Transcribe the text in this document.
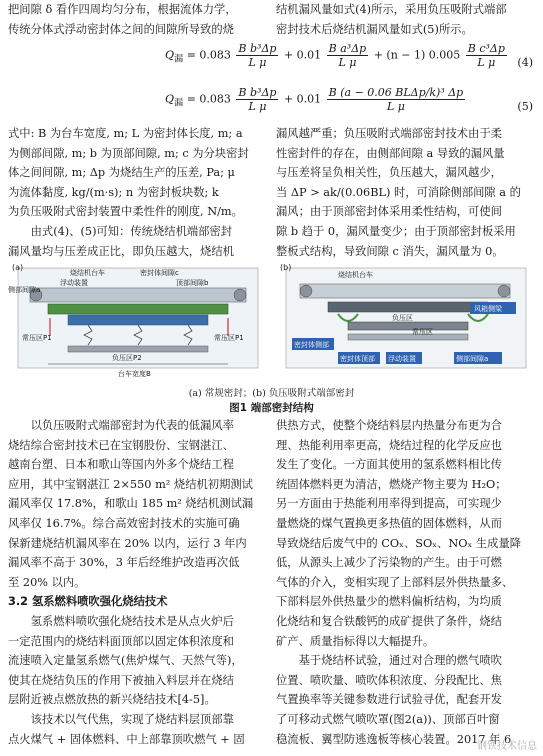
把间隙 δ 看作四周均匀分布，根据流体力学，

传统分体式浮动密封体之间的间隙所导致的烧

结机漏风量如式(4)所示，采用负压吸附式端部

密封技术后烧结机漏风量如式(5)所示。

$Q_漏 = 0.083 \frac{\text{B b³Δp}}{\text{L μ}} + 0.01 \frac{\text{B a³Δp}}{\text{L μ}} + (n - 1)$ $0.005 \frac{\text{B c³Δp}}{\text{L μ}} (4)$
$Q_漏 = 0.083 \frac{\text{B b³Δp}}{\text{L μ}} + 0.01 \frac{\text{B (a − 0.06 BLΔp/k)³ Δp}}{\text{L μ}}$	(5)

式中: B 为台车宽度, m; L 为密封体长度, m; a

为侧部间隙, m; b 为顶部间隙, m; c 为分块密封

体之间间隙, m; Δp 为烧结生产的压差, Pa; μ

为流体黏度, kg/(m·s); n 为密封板块数; k

为负压吸附式密封装置中柔性件的刚度, N/m。

由式(4)、(5)可知：传统烧结机端部密封

漏风量均与压差成正比，即负压越大，烧结机

漏风越严重；负压吸附式端部密封技术由于柔

性密封件的存在，由侧部间隙 a 导致的漏风量

与压差将呈负相关性，负压越大，漏风越少，

当 ΔP > ak/(0.06BL) 时，可消除侧部间隙 a 的

漏风；由于顶部密封体采用柔性结构，可使间

隙 b 趋于 0，漏风量变少；由于顶部密封板采用

整板式结构，导致间隙 c 消失，漏风量为 0。

(a)
烧结机台车
浮动装置
密封体间隙c
顶部间隙b
侧部间隙a
常压区P1	常压区P1
负压区P2
台车宽度B
(b)
烧结机台车
风箱侧梁
负压区
常压区
密封体侧部
密封体顶部 浮动装置	侧部间隙a
(a) 常规密封；(b) 负压吸附式端部密封
图1 端部密封结构

以负压吸附式端部密封为代表的低漏风率

烧结综合密封技术已在宝钢股份、宝钢湛江、

越南台塑、日本和歌山等国内外多个烧结工程

应用，其中宝钢湛江 2×550 m² 烧结机初期测试

漏风率仅 17.8%，和歌山 185 m² 烧结机测试漏

风率仅 16.7%。综合高效密封技术的实施可确

保新建烧结机漏风率在 20% 以内，运行 3 年内

漏风率不高于 30%，3 年后经维护改造再次低

至 20% 以内。

3.2 氢系燃料喷吹强化烧结技术

氢系燃料喷吹强化烧结技术是从点火炉后

一定范围内的烧结料面顶部以固定体积浓度和

流速喷入定量氢系燃气(焦炉煤气、天然气等)，

使其在烧结负压的作用下被抽入料层并在烧结

层附近被点燃放热的新兴烧结技术[4-5]。

该技术以气代焦，实现了烧结料层顶部靠

点火煤气 + 固体燃料、中上部靠顶吹燃气 + 固

供热方式，使整个烧结料层内热量分布更为合

理、热能利用率更高，烧结过程的化学反应也

发生了变化。一方面其使用的氢系燃料相比传

统固体燃料更为清洁，燃烧产物主要为 H₂O；

另一方面由于热能利用率得到提高，可实现少

量燃烧的煤气置换更多热值的固体燃料，从而

导致烧结后废气中的 COₓ、SOₓ、NOₓ 生成量降

低，从源头上减少了污染物的产生。由于可燃

气体的介入，变相实现了上部料层外供热量多、

下部料层外供热量少的燃料偏析结构，为均质

化烧结和复合铁酸钙的成矿提供了条件，烧结

矿产、质量指标得以大幅提升。

基于烧结杯试验，通过对合理的燃气喷吹

位置、喷吹量、喷吹体积浓度、分段配比、焦

气置换率等关键参数进行试验寻优，配套开发

了可移动式燃气喷吹罩(图2(a))、顶部百叶窗

稳流板、翼型防逃逸板等核心装置。2017 年 6

钢铁技术信息
